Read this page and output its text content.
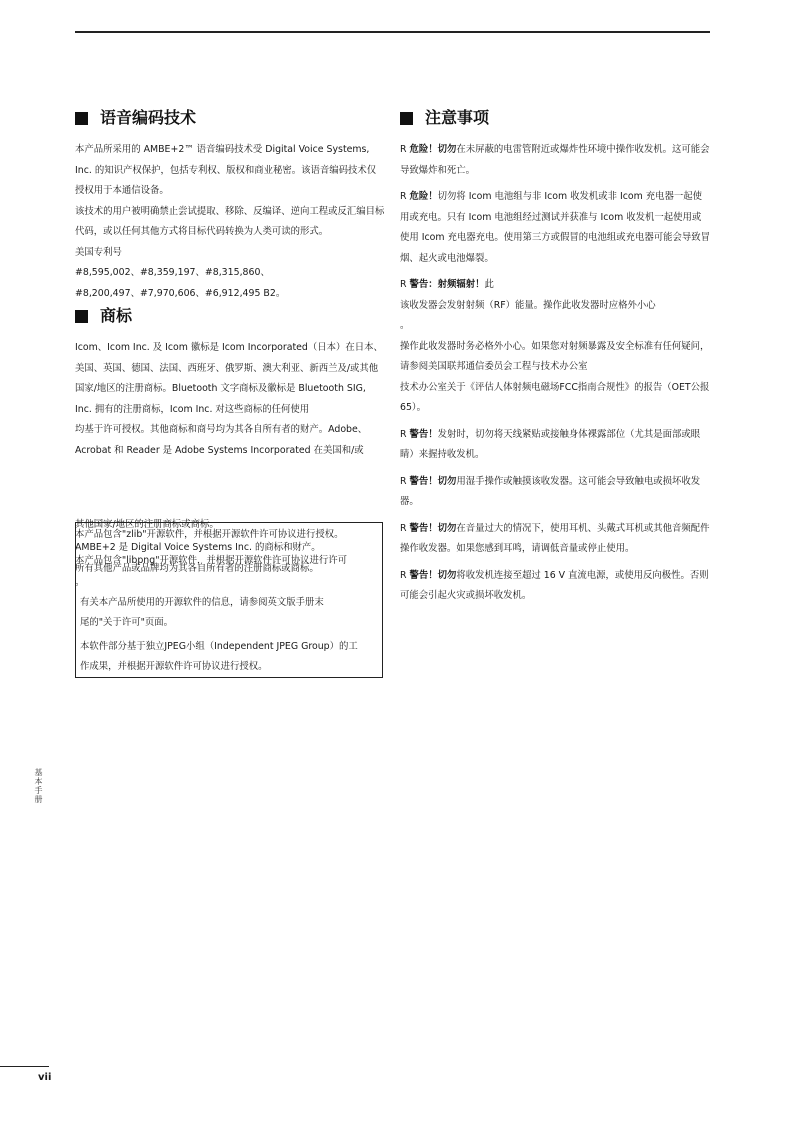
语音编码技术

本产品所采用的 AMBE+2™ 语音编码技术受 Digital Voice Systems, Inc. 的知识产权保护，包括专利权、版权和商业秘密。该语音编码技术仅授权用于本通信设备。

该技术的用户被明确禁止尝试提取、移除、反编译、逆向工程或反汇编目标代码，或以任何其他方式将目标代码转换为人类可读的形式。

美国专利号

#8,595,002、#8,359,197、#8,315,860、

#8,200,497、#7,970,606、#6,912,495 B2。

商标

Icom、Icom Inc. 及 Icom 徽标是 Icom Incorporated（日本）在日本、美国、英国、德国、法国、西班牙、俄罗斯、澳大利亚、新西兰及/或其他国家/地区的注册商标。Bluetooth 文字商标及徽标是 Bluetooth SIG, Inc. 拥有的注册商标，Icom Inc. 对这些商标的任何使用

均基于许可授权。其他商标和商号均为其各自所有者的财产。Adobe、Acrobat 和 Reader 是 Adobe Systems Incorporated 在美国和/或

其他国家/地区的注册商标或商标。
本产品包含"zlib"开源软件，并根据开源软件许可协议进行授权。
AMBE+2 是 Digital Voice Systems Inc. 的商标和财产。
本产品包含"libpng"开源软件，并根据开源软件许可协议进行许可
所有其他产品或品牌均为其各自所有者的注册商标或商标。
。
有关本产品所使用的开源软件的信息，请参阅英文版手册末
尾的"关于许可"页面。
本软件部分基于独立JPEG小组（Independent JPEG Group）的工
作成果，并根据开源软件许可协议进行授权。
注意事项

R 危险！切勿在未屏蔽的电雷管附近或爆炸性环境中操作收发机。这可能会导致爆炸和死亡。

R 危险！切勿将 Icom 电池组与非 Icom 收发机或非 Icom 充电器一起使用或充电。只有 Icom 电池组经过测试并获准与 Icom 收发机一起使用或使用 Icom 充电器充电。使用第三方或假冒的电池组或充电器可能会导致冒烟、起火或电池爆裂。

R 警告：射频辐射！此

该收发器会发射射频（RF）能量。操作此收发器时应格外小心

。

操作此收发器时务必格外小心。如果您对射频暴露及安全标准有任何疑问，请参阅美国联邦通信委员会工程与技术办公室

技术办公室关于《评估人体射频电磁场FCC指南合规性》的报告（OET公报65）。

R 警告！发射时，切勿将天线紧贴或接触身体裸露部位（尤其是面部或眼睛）来握持收发机。

R 警告！切勿用湿手操作或触摸该收发器。这可能会导致触电或损坏收发器。

R 警告！切勿在音量过大的情况下，使用耳机、头戴式耳机或其他音频配件操作收发器。如果您感到耳鸣，请调低音量或停止使用。

R 警告！切勿将收发机连接至超过 16 V 直流电源，或使用反向极性。否则可能会引起火灾或损坏收发机。

基本手册
vii
